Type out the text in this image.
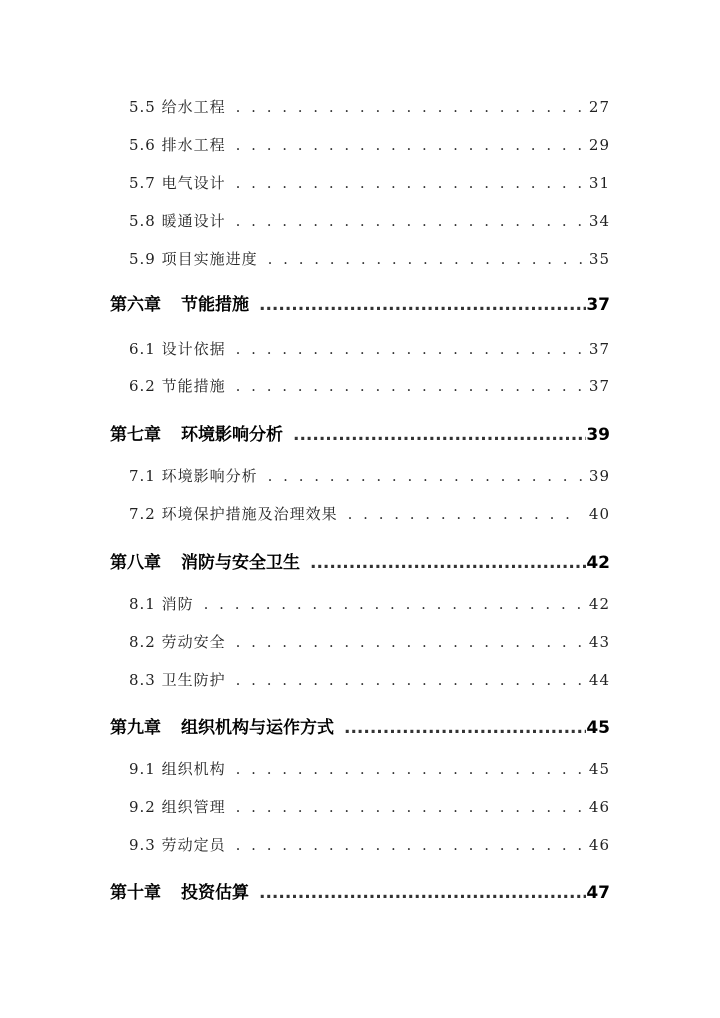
5.5 给水工程 . . .	27
5.6 排水工程 . . .	29
5.7 电气设计 . . .	31
5.8 暖通设计 . . .	34
5.9 项目实施进度 . . .	35
第六章 节能措施 .....	37
6.1 设计依据 . . .	37
6.2 节能措施 . . .	37
第七章 环境影响分析 .....	39
7.1 环境影响分析 . . .	39
7.2 环境保护措施及治理效果 . . .	40
第八章 消防与安全卫生 .....	42
8.1 消防 . . .	42
8.2 劳动安全 . . .	43
8.3 卫生防护 . . .	44
第九章 组织机构与运作方式 .....	45
9.1 组织机构 . . .	45
9.2 组织管理 . . .	46
9.3 劳动定员 . . .	46
第十章 投资估算 .....	47
